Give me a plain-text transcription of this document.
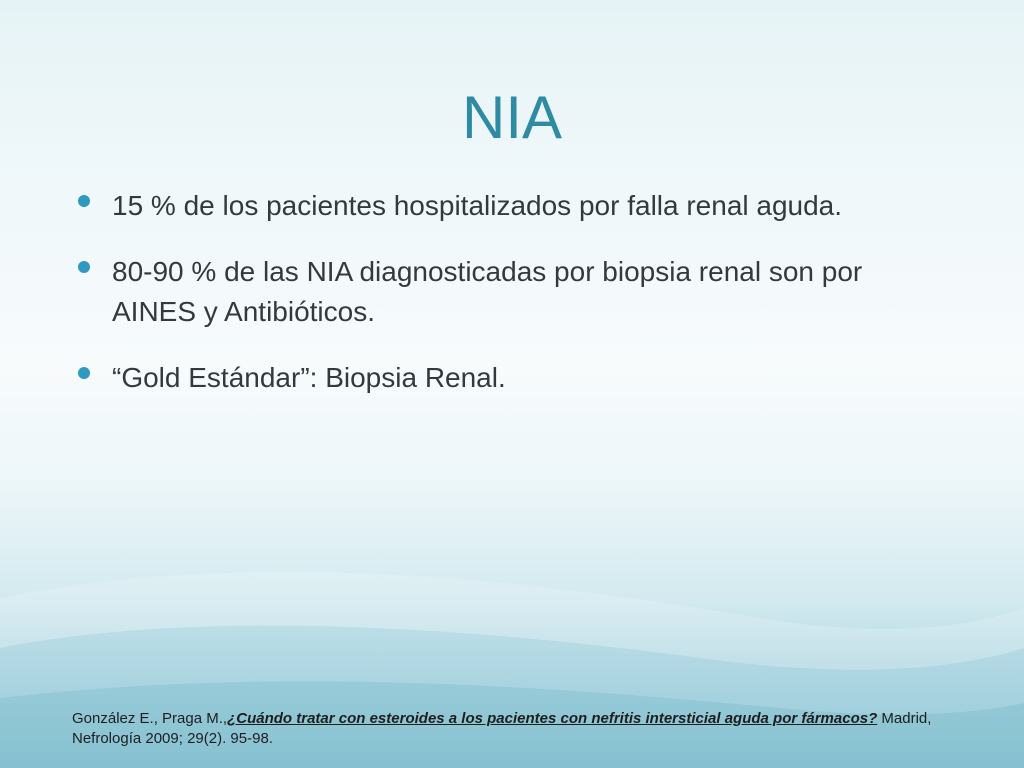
NIA
15 % de los pacientes hospitalizados por falla renal aguda.
80-90 % de las NIA diagnosticadas por biopsia renal son por AINES y Antibióticos.
“Gold Estándar”: Biopsia Renal.
González E., Praga M.,¿Cuándo tratar con esteroides a los pacientes con nefritis intersticial aguda por fármacos? Madrid, Nefrología 2009; 29(2). 95-98.
